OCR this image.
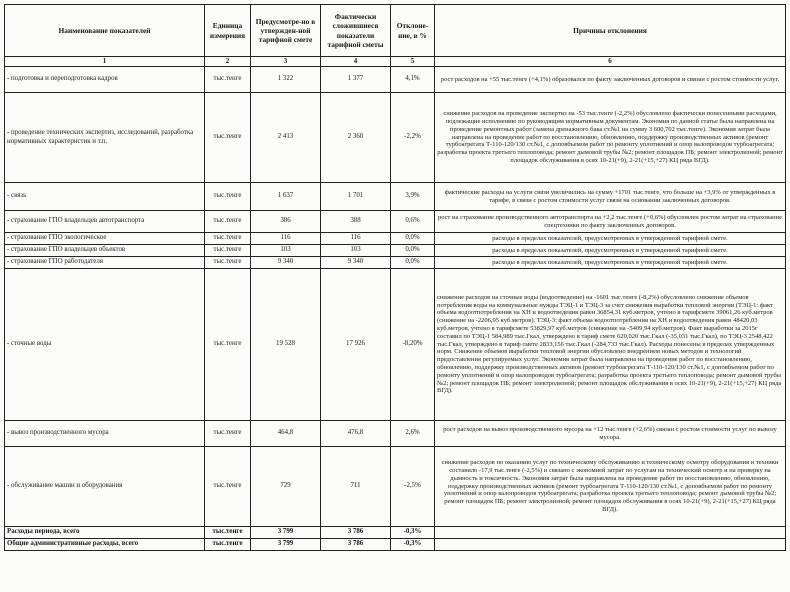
Наименование показателей	Единица измерения	Предусмотре-но в утвержден-ной тарифной смете	Фактически сложившиеся показатели тарифной сметы	Отклоне-ние, в %	Причины отклонения
1	2	3	4	5	6
- подготовка и переподготовка кадров	тыс.тенге	1 322	1 377	4,1%	рост расходов на +55 тыс.тенге (+4,1%) образовался по факту заключенных договоров и связан с ростом стоимости услуг.
- проведение технических экспертиз, исследований, разработка нормативных характеристик и т.п.	тыс.тенге	2 413	2 360	-2,2%	снижение расходов на проведение экспертиз на -53 тыс.тенге (-2,2%) обусловлено фактически понесенными расходами, подлежащие исполнению по руководящим нормативным документам. Экономия по данной статье была направлена на проведение ремонтных работ (замена дренажного бака ст.№1 на сумму 3 600,702 тыс.тенге). Экономия затрат была направлена на проведение работ по восстановлению, обновлению, поддержку производственных активов (ремонт турбоагрегата Т-110-120/130 ст.№1, с доповбъемом работ по ремонту уплотнений и опор валопроводов турбоагрегата; разработка проекта третьего теплоповода; ремонт дымовой трубы №2; ремонт площадок ПБ; ремонт электролизной; ремонт площадок обслуживания в осях 10-21(+9), 2-21(+15,+27) КЦ ряда ВГД).
- связь	тыс.тенге	1 637	1 701	3,9%	фактические расходы на услуги связи увеличились на сумму +1701 тыс.тенге, что больше на +3,9% от утвержденных в тарифе, в связи с ростом стоимости услуг связи на основании заключенных договоров.
- страхование ГПО владельцев автотранспорта	тыс.тенге	386	388	0,6%	рост на страхование производственного автотранспорта на +2,2 тыс.тенге (+0,6%) обусловлен ростом затрат на страхование спецтехники по факту заключенных договоров.
- страхование ГПО экологическое	тыс.тенге	116	116	0,0%	расходы в пределах показателей, предусмотренных в утвержденной тарифной смете.
- страхование ГПО владельцев объектов	тыс.тенге	103	103	0,0%	расходы в пределах показателей, предусмотренных в утвержденной тарифной смете.
- страхование ГПО работодателя	тыс.тенге	9 340	9 340	0,0%	расходы в пределах показателей, предусмотренных в утвержденной тарифной смете.
- сточные воды	тыс.тенге	19 528	17 926	-8,20%	снижение расходов на сточные воды (водоотведение) на -1601 тыс.тенге (-8,2%) обусловлено снижение объемов потребления воды на коммунальные нужды ТЭЦ-1 и ТЭЦ-3 за счет снижения выработки тепловой энергии (ТЭЦ-1: факт объема водоотпотребления на ХН и водоотведения равен 36854,31 куб.метров, учтено в тарифсмете 39061,26 куб.метров (снижение на -2206,95 куб.метров). ТЭЦ-3: факт объема водоотпотребления на ХН и водоотведения равен 48420,03 куб.метров, учтено в тарифсмете 53829,97 куб.метров (снижение на -5409,94 куб.метров). Факт выработки за 2015г составил по ТЭЦ-1 584,989 тыс.Гкал, утверждено в тариф смете 620,020 тыс.Гкал (-35,031 тыс.Гкал), по ТЭЦ-3 2548,422 тыс.Гкал, утверждено в тариф смете 2833,156 тыс.Гкал (-284,733 тыс.Гкал). Расходы понесены в пределах утвержденных норм. Снижение объемов выработки тепловой энергии обусловлено внедрением новых методов и технологий предоставления регулируемых услуг. Экономия затрат была направлена на проведение работ по восстановлению, обновлению, поддержку производственных активов (ремонт турбоагрегата Т-110-120/130 ст.№1, с доповбъемом работ по ремонту уплотнений и опор валопроводов турбоагрегата; разработка проекта третьего теплоповода; ремонт дымовой трубы №2; ремонт площадок ПБ; ремонт электролизной; ремонт площадок обслуживания в осях 10-21(+9), 2-21(+15,+27) КЦ ряда ВГД).
- вывоз производственного мусора	тыс.тенге	464,8	476,8	2,6%	рост расходов на вывоз производственного мусора на +12 тыс.тенге (+2,6%) связан с ростом стоимости услуг по вывозу мусора.
- обслуживание машин и оборудования	тыс.тенге	729	711	-2,5%	снижение расходов по оказанию услуг по техническому обслуживанию и техническому осмотру оборудования и техники составило -17,9 тыс.тенге (-2,5%) и связано с экономией затрат по услугам на технический осмотр и на проверку на дымность и токсичность. Экономия затрат была направлена на проведение работ по восстановлению, обновлению, поддержку производственных активов (ремонт турбоагрегата Т-110-120/130 ст.№1, с доповбъемом работ по ремонту уплотнений и опор валопроводов турбоагрегата; разработка проекта третьего теплоповода; ремонт дымовой трубы №2; ремонт площадок ПБ; ремонт электролизной; ремонт площадок обслуживания в осях 10-21(+9), 2-21(+15,+27) КЦ ряда ВГД).
Расходы периода, всего	тыс.тенге	3 799	3 786	-0,3%	
Общие административные расходы, всего	тыс.тенге	3 799	3 786	-0,3%	
